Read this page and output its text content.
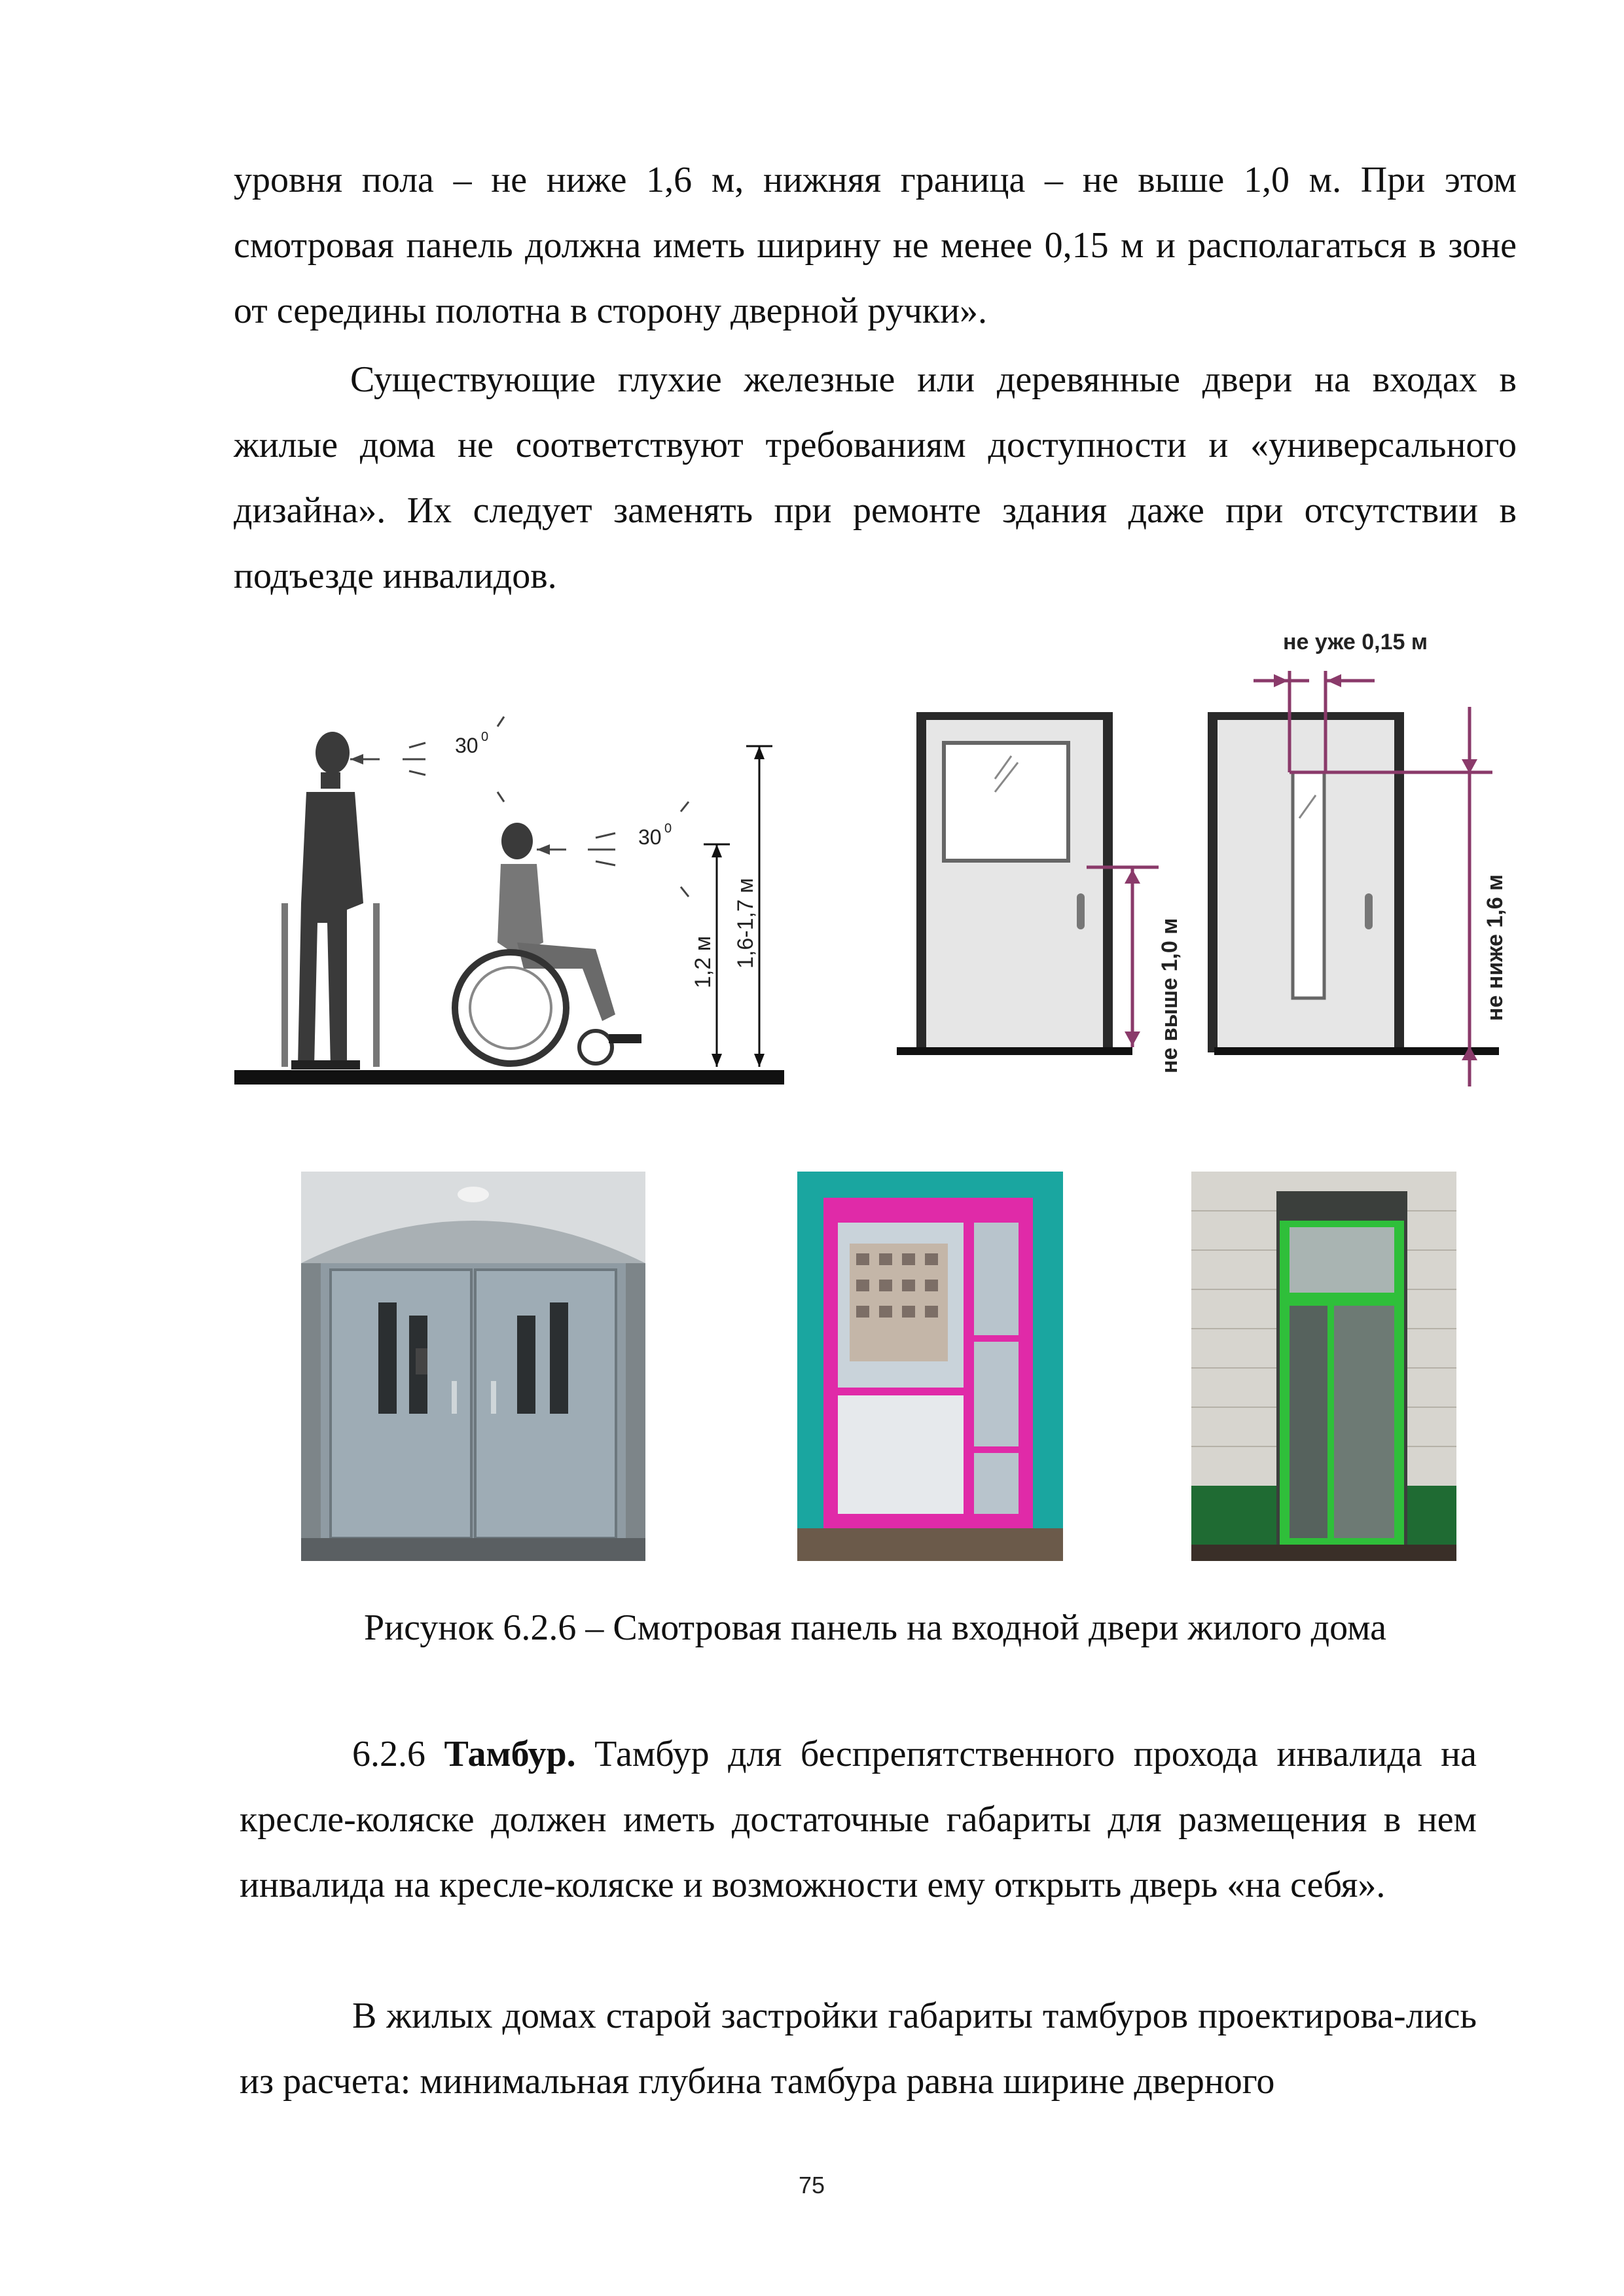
уровня пола – не ниже 1,6 м, нижняя граница – не выше 1,0 м. При этом смотровая панель должна иметь ширину не менее 0,15 м и располагаться в зоне от середины полотна в сторону дверной ручки».

Существующие глухие железные или деревянные двери на входах в жилые дома не соответствуют требованиям доступности и «универсального дизайна». Их следует заменять при ремонте здания даже при отсутствии в подъезде инвалидов.

30 0
30 0
1,2 м 1,6-1,7 м	не выше 1,0 м
не уже 0,15 м
не ниже 1,6 м

Рисунок 6.2.6 – Смотровая панель на входной двери жилого дома

6.2.6 Тамбур. Тамбур для беспрепятственного прохода инвалида на кресле-коляске должен иметь достаточные габариты для размещения в нем инвалида на кресле-коляске и возможности ему открыть дверь «на себя».

В жилых домах старой застройки габариты тамбуров проектирова-лись из расчета: минимальная глубина тамбура равна ширине дверного

75
